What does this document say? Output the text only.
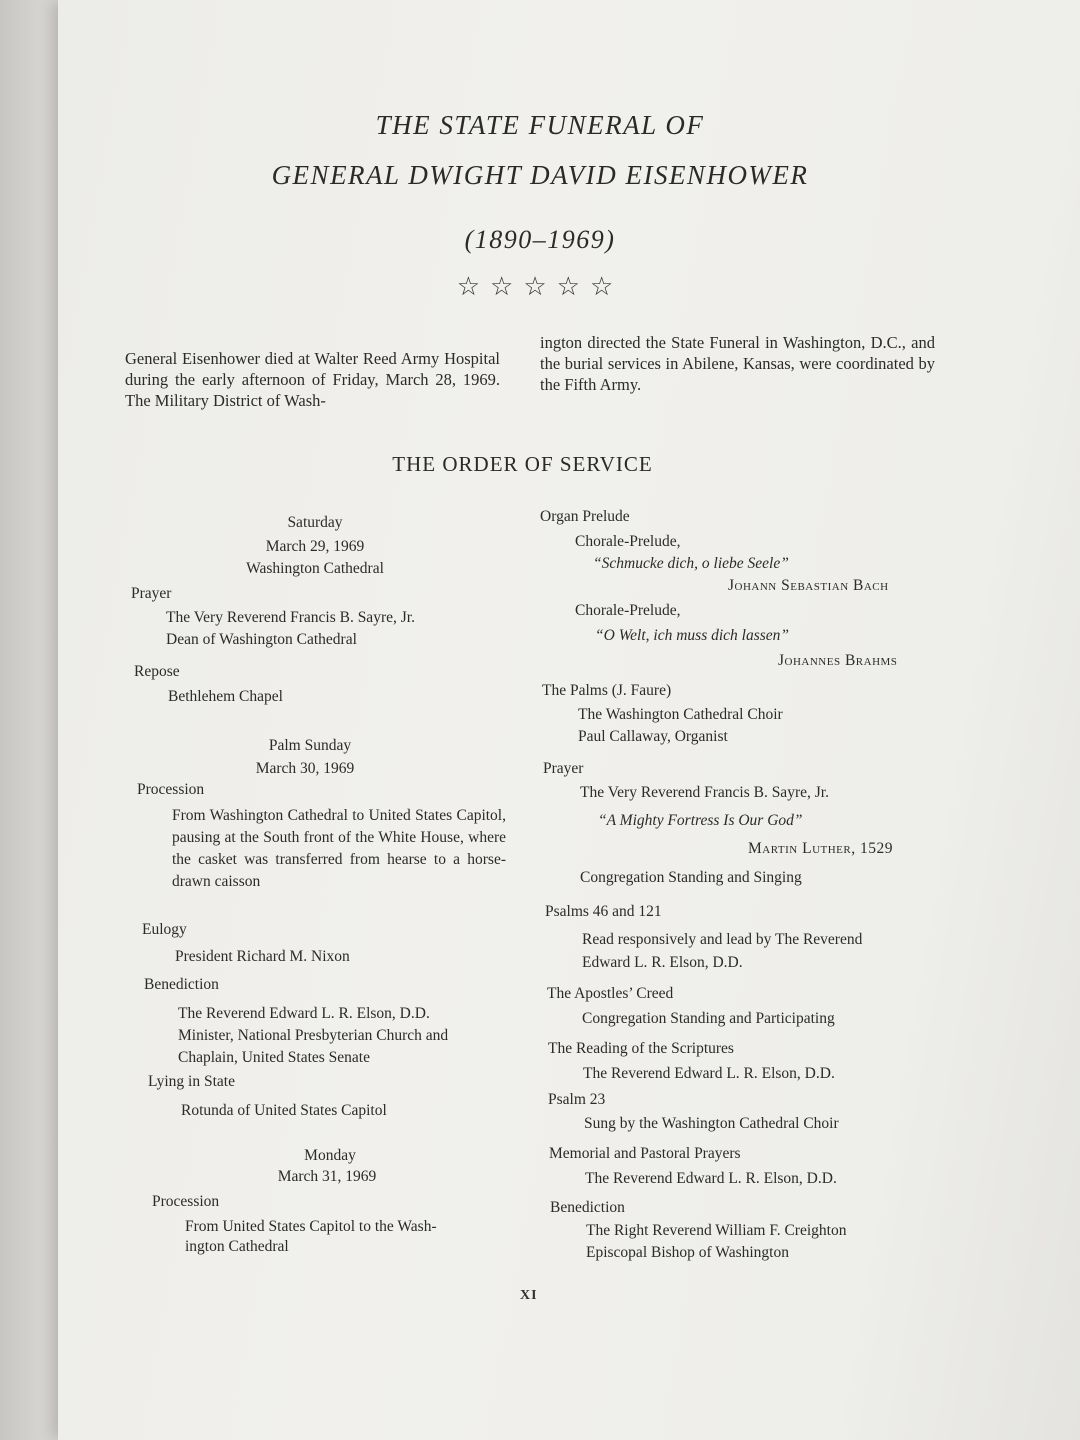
THE STATE FUNERAL OF
GENERAL DWIGHT DAVID EISENHOWER
(1890–1969)
☆☆☆☆☆
General Eisenhower died at Walter Reed Army Hospital during the early afternoon of Friday, March 28, 1969. The Military District of Wash-
ington directed the State Funeral in Washington, D.C., and the burial services in Abilene, Kansas, were coordinated by the Fifth Army.
THE ORDER OF SERVICE
Saturday
March 29, 1969
Washington Cathedral
Prayer
The Very Reverend Francis B. Sayre, Jr.
Dean of Washington Cathedral
Repose
Bethlehem Chapel
Palm Sunday
March 30, 1969
Procession
From Washington Cathedral to United States Capitol, pausing at the South front of the White House, where the casket was transferred from hearse to a horse-drawn caisson
Eulogy
President Richard M. Nixon
Benediction
The Reverend Edward L. R. Elson, D.D.
Minister, National Presbyterian Church and
Chaplain, United States Senate
Lying in State
Rotunda of United States Capitol
Monday
March 31, 1969
Procession
From United States Capitol to the Wash-
ington Cathedral
Organ Prelude
Chorale-Prelude,
“Schmucke dich, o liebe Seele”
Johann Sebastian Bach
Chorale-Prelude,
“O Welt, ich muss dich lassen”
Johannes Brahms
The Palms (J. Faure)
The Washington Cathedral Choir
Paul Callaway, Organist
Prayer
The Very Reverend Francis B. Sayre, Jr.
“A Mighty Fortress Is Our God”
Martin Luther, 1529
Congregation Standing and Singing
Psalms 46 and 121
Read responsively and lead by The Reverend
Edward L. R. Elson, D.D.
The Apostles’ Creed
Congregation Standing and Participating
The Reading of the Scriptures
The Reverend Edward L. R. Elson, D.D.
Psalm 23
Sung by the Washington Cathedral Choir
Memorial and Pastoral Prayers
The Reverend Edward L. R. Elson, D.D.
Benediction
The Right Reverend William F. Creighton
Episcopal Bishop of Washington
XI
